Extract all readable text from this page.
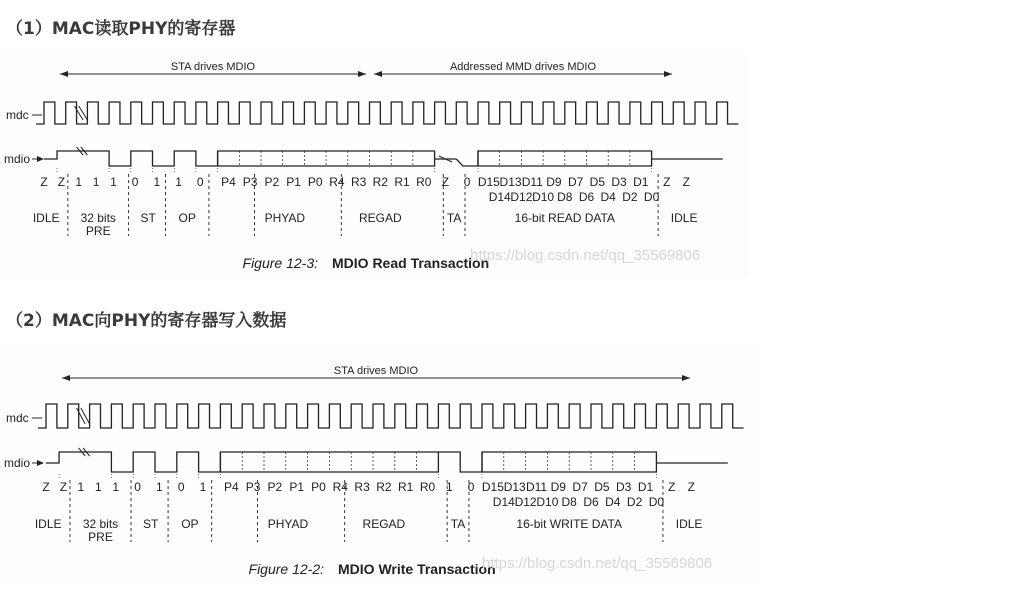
（1）MAC读取PHY的寄存器
（2）MAC向PHY的寄存器写入数据
STA drives MDIO	Addressed MMD drives MDIO
mdc
mdio
Z Z 1 1 1 0 1 1 0 P4 P3 P2 P1 P0 R4 R3 R2 R1 R0 Z 0 D15 D13 D11 D9 D7 D5 D3 D1 Z Z
D14 D12 D10 D8 D6 D4 D2 D0
IDLE 32 bits
PRE
ST OP	PHYAD	REGAD	TA	16-bit READ DATA	IDLE
Figure 12-3: MDIO Read Transaction
https://blog.csdn.net/qq_35569806
STA drives MDIO
mdc
mdio
Z Z 1 1 1 0 1 0 1 P4 P3 P2 P1 P0 R4 R3 R2 R1 R0 1 0 D15 D13 D11 D9 D7 D5 D3 D1 Z Z
D14 D12 D10 D8 D6 D4 D2 D0
IDLE 32 bits
PRE
ST OP	PHYAD	REGAD	TA	16-bit WRITE DATA	IDLE
Figure 12-2: MDIO Write Transaction
https://blog.csdn.net/qq_35569806
